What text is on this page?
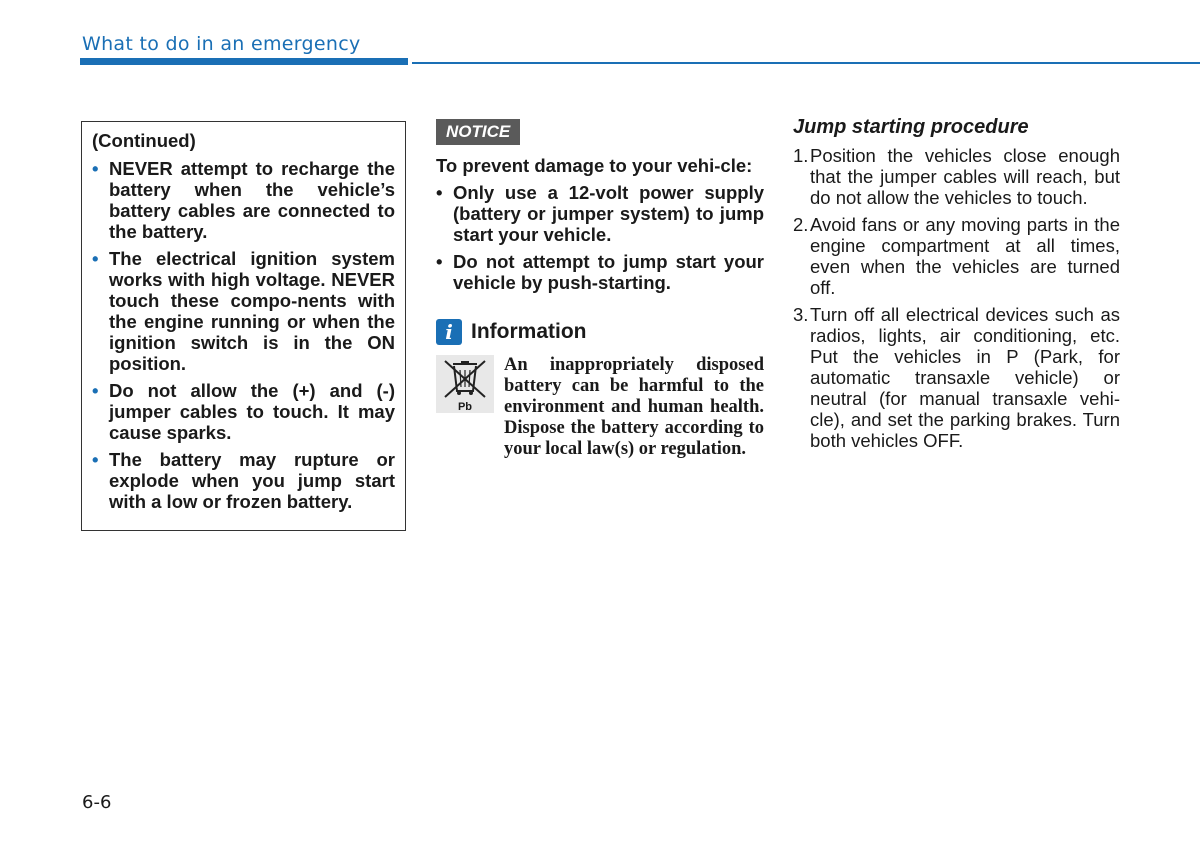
What to do in an emergency

(Continued)

• NEVER attempt to recharge the battery when the vehicle’s battery cables are connected to the battery.
• The electrical ignition system works with high voltage. NEVER touch these compo-nents with the engine running or when the ignition switch is in the ON position.
• Do not allow the (+) and (-) jumper cables to touch. It may cause sparks.
• The battery may rupture or explode when you jump start with a low or frozen battery.
NOTICE

To prevent damage to your vehi-cle:

• Only use a 12-volt power supply (battery or jumper system) to jump start your vehicle.
• Do not attempt to jump start your vehicle by push-starting.
i Information
Pb
An inappropriately disposed battery can be harmful to the environment and human health. Dispose the battery according to your local law(s) or regulation.

Jump starting procedure

1. Position the vehicles close enough that the jumper cables will reach, but do not allow the vehicles to touch.
2. Avoid fans or any moving parts in the engine compartment at all times, even when the vehicles are turned off.
3. Turn off all electrical devices such as radios, lights, air conditioning, etc. Put the vehicles in P (Park, for automatic transaxle vehicle) or neutral (for manual transaxle vehi-cle), and set the parking brakes. Turn both vehicles OFF.
6-6
